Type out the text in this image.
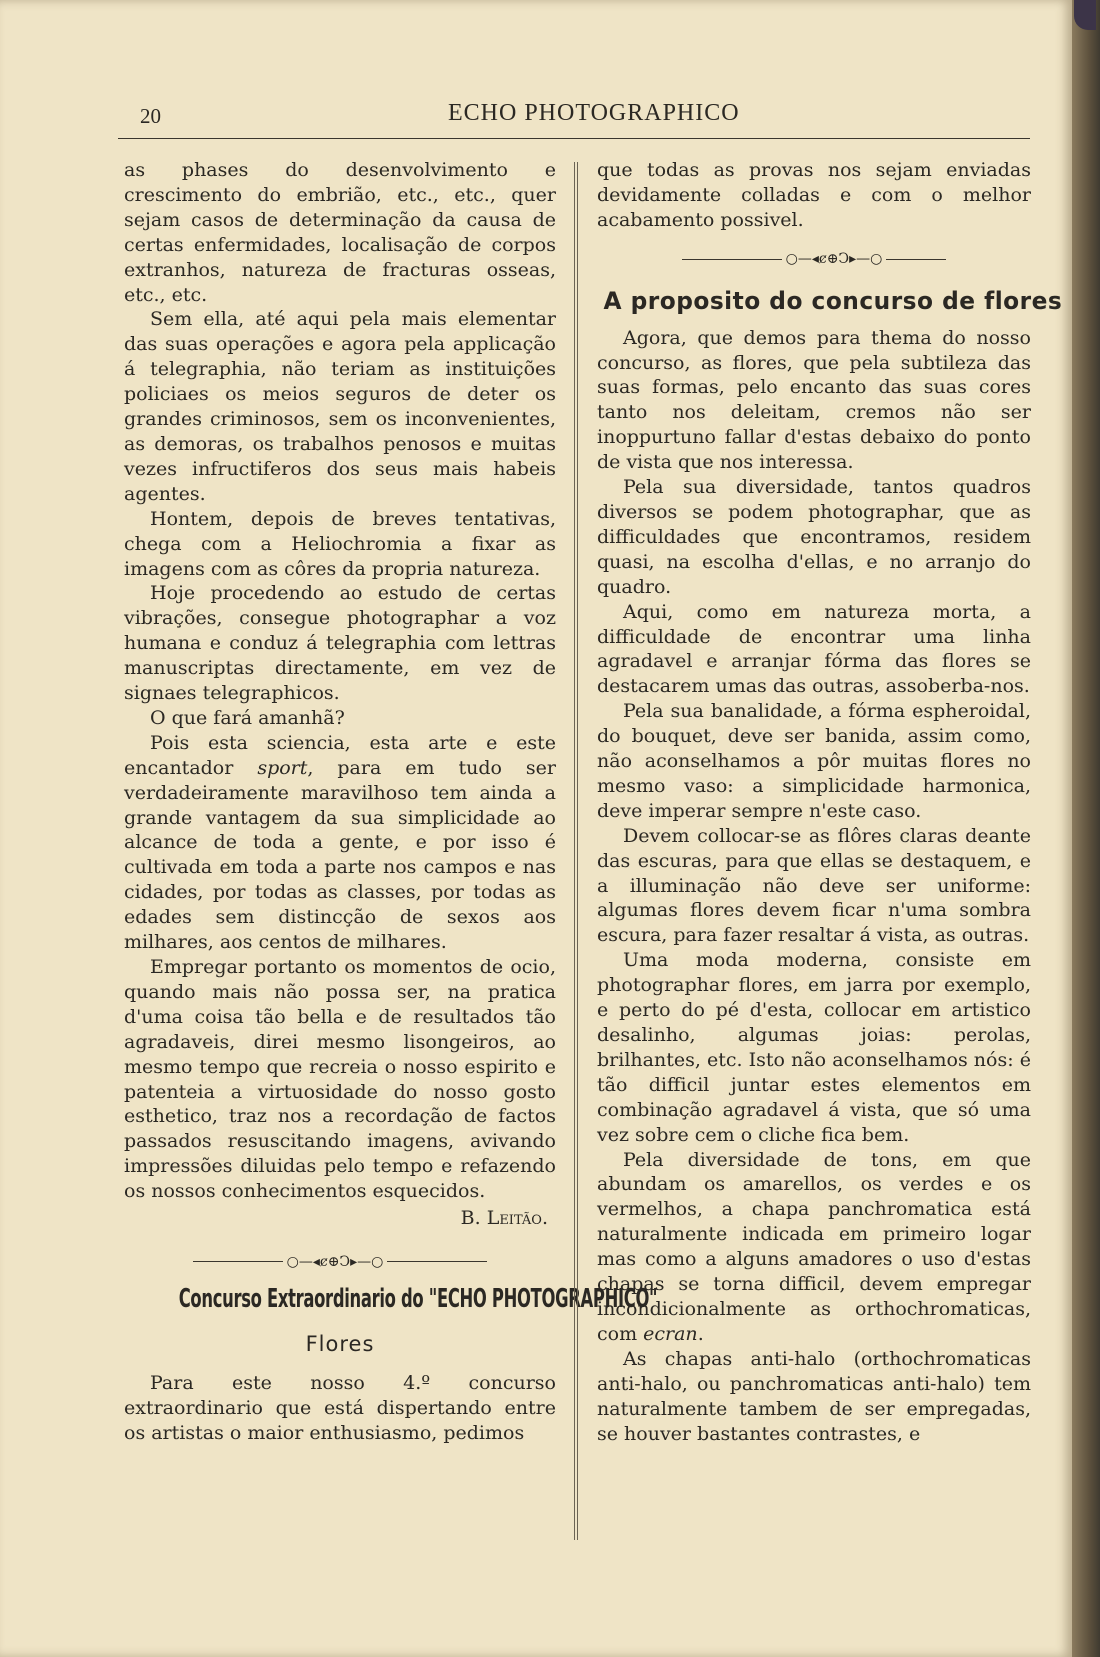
20	ECHO PHOTOGRAPHICO

as phases do desenvolvimento e crescimento do embrião, etc., etc., quer sejam casos de determinação da causa de certas enfermidades, localisação de corpos extranhos, natureza de fracturas osseas, etc., etc.

Sem ella, até aqui pela mais elementar das suas operações e agora pela applicação á telegraphia, não teriam as instituições policiaes os meios seguros de deter os grandes criminosos, sem os inconvenientes, as demoras, os trabalhos penosos e muitas vezes infructiferos dos seus mais habeis agentes.

Hontem, depois de breves tentativas, chega com a Heliochromia a fixar as imagens com as côres da propria natureza.

Hoje procedendo ao estudo de certas vibrações, consegue photographar a voz humana e conduz á telegraphia com lettras manuscriptas directamente, em vez de signaes telegraphicos.

O que fará amanhã?

Pois esta sciencia, esta arte e este encantador sport, para em tudo ser verdadeiramente maravilhoso tem ainda a grande vantagem da sua simplicidade ao alcance de toda a gente, e por isso é cultivada em toda a parte nos campos e nas cidades, por todas as classes, por todas as edades sem distincção de sexos aos milhares, aos centos de milhares.

Empregar portanto os momentos de ocio, quando mais não possa ser, na pratica d'uma coisa tão bella e de resultados tão agradaveis, direi mesmo lisongeiros, ao mesmo tempo que recreia o nosso espirito e patenteia a virtuosidade do nosso gosto esthetico, traz nos a recordação de factos passados resuscitando imagens, avivando impressões diluidas pelo tempo e refazendo os nossos conhecimentos esquecidos.

B. Leitão.
○—◂ȼ⊕Ↄ▸—○
Concurso Extraordinario do "ECHO PHOTOGRAPHICO"
Flores

Para este nosso 4.º concurso extraordinario que está dispertando entre os artistas o maior enthusiasmo, pedimos

que todas as provas nos sejam enviadas devidamente colladas e com o melhor acabamento possivel.

○—◂ȼ⊕Ↄ▸—○
A proposito do concurso de flores

Agora, que demos para thema do nosso concurso, as flores, que pela subtileza das suas formas, pelo encanto das suas cores tanto nos deleitam, cremos não ser inoppurtuno fallar d'estas debaixo do ponto de vista que nos interessa.

Pela sua diversidade, tantos quadros diversos se podem photographar, que as difficuldades que encontramos, residem quasi, na escolha d'ellas, e no arranjo do quadro.

Aqui, como em natureza morta, a difficuldade de encontrar uma linha agradavel e arranjar fórma das flores se destacarem umas das outras, assoberba-nos.

Pela sua banalidade, a fórma espheroidal, do bouquet, deve ser banida, assim como, não aconselhamos a pôr muitas flores no mesmo vaso: a simplicidade harmonica, deve imperar sempre n'este caso.

Devem collocar-se as flôres claras deante das escuras, para que ellas se destaquem, e a illuminação não deve ser uniforme: algumas flores devem ficar n'uma sombra escura, para fazer resaltar á vista, as outras.

Uma moda moderna, consiste em photographar flores, em jarra por exemplo, e perto do pé d'esta, collocar em artistico desalinho, algumas joias: perolas, brilhantes, etc. Isto não aconselhamos nós: é tão difficil juntar estes elementos em combinação agradavel á vista, que só uma vez sobre cem o cliche fica bem.

Pela diversidade de tons, em que abundam os amarellos, os verdes e os vermelhos, a chapa panchromatica está naturalmente indicada em primeiro logar mas como a alguns amadores o uso d'estas chapas se torna difficil, devem empregar incondicionalmente as orthochromaticas, com ecran.

As chapas anti-halo (orthochromaticas anti-halo, ou panchromaticas anti-halo) tem naturalmente tambem de ser empregadas, se houver bastantes contrastes, e
